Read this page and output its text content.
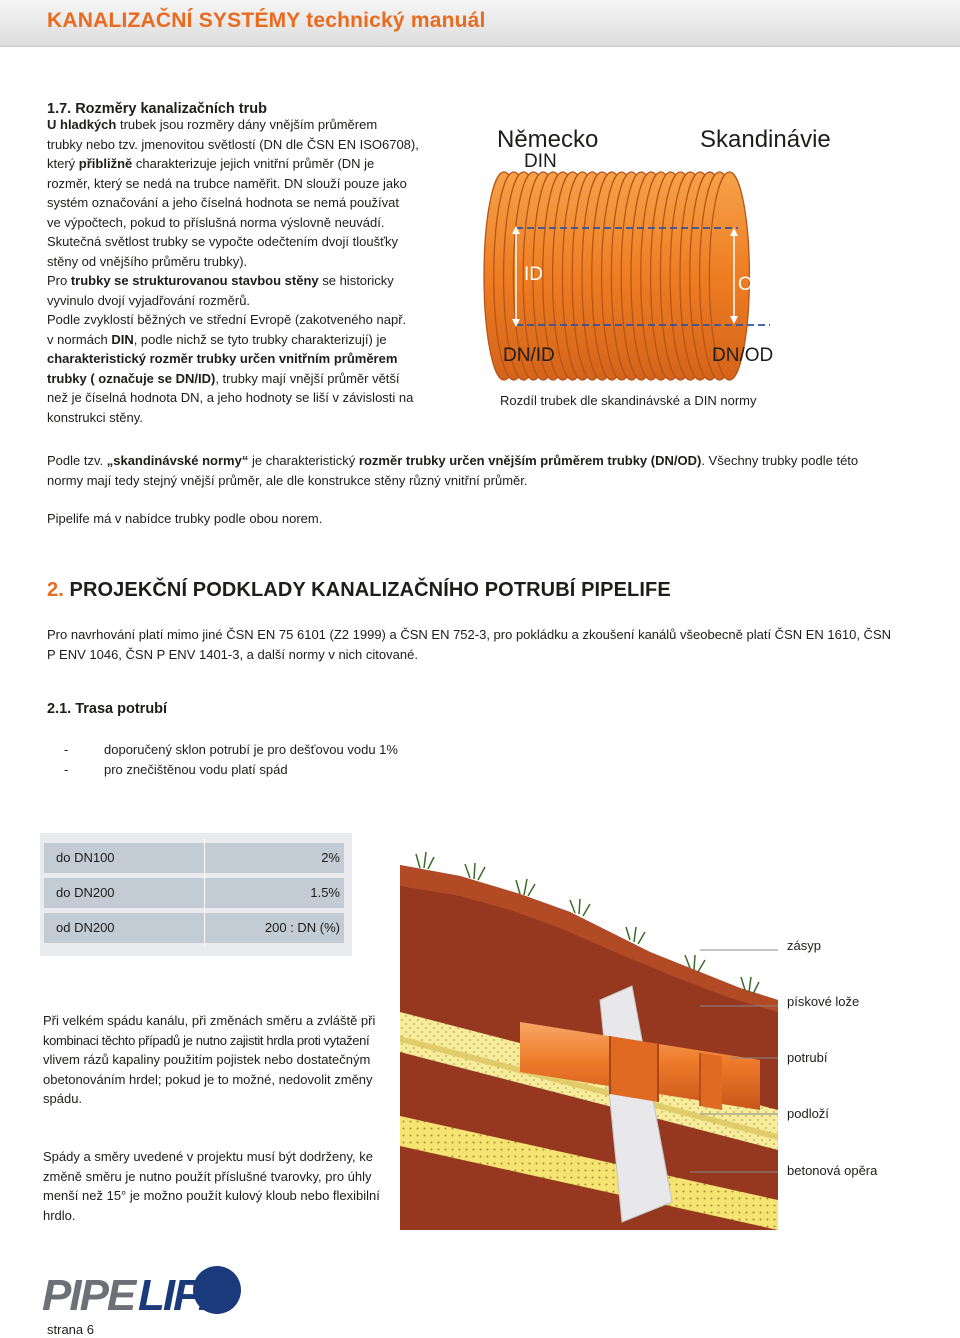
KANALIZAČNÍ SYSTÉMY technický manuál
1.7. Rozměry kanalizačních trub
U hladkých trubek jsou rozměry dány vnějším průměrem
trubky nebo tzv. jmenovitou světlostí (DN dle ČSN EN ISO6708),
který přibližně charakterizuje jejich vnitřní průměr (DN je
rozměr, který se nedá na trubce naměřit. DN slouží pouze jako
systém označování a jeho číselná hodnota se nemá používat
ve výpočtech, pokud to příslušná norma výslovně neuvádí.
Skutečná světlost trubky se vypočte odečtením dvojí tloušťky
stěny od vnějšího průměru trubky).
Pro trubky se strukturovanou stavbou stěny se historicky
vyvinulo dvojí vyjadřování rozměrů.
Podle zvyklostí běžných ve střední Evropě (zakotveného např.
v normách DIN, podle nichž se tyto trubky charakterizují) je
charakteristický rozměr trubky určen vnitřním průměrem
trubky ( označuje se DN/ID), trubky mají vnější průměr větší
než je číselná hodnota DN, a jeho hodnoty se liší v závislosti na
konstrukci stěny.
Podle tzv. „skandinávské normy“ je charakteristický rozměr trubky určen vnějším průměrem trubky (DN/OD). Všechny trubky podle této
normy mají tedy stejný vnější průměr, ale dle konstrukce stěny různý vnitřní průměr.
Pipelife má v nabídce trubky podle obou norem.
ID	OD
Německo
DIN
Skandinávie
DN/ID	DN/OD
Rozdíl trubek dle skandinávské a DIN normy
2. PROJEKČNÍ PODKLADY KANALIZAČNÍHO POTRUBÍ PIPELIFE
Pro navrhování platí mimo jiné ČSN EN 75 6101 (Z2 1999) a ČSN EN 752-3, pro pokládku a zkoušení kanálů všeobecně platí ČSN EN 1610, ČSN
P ENV 1046, ČSN P ENV 1401-3, a další normy v nich citované.
2.1. Trasa potrubí
-	doporučený sklon potrubí je pro dešťovou vodu 1%
-	pro znečištěnou vodu platí spád
do DN100	2%
do DN200	1.5%
od DN200	200 : DN (%)
zásyp
pískové lože
potrubí
podloží
betonová opěra
Při velkém spádu kanálu, při změnách směru a zvláště při
kombinaci těchto případů je nutno zajistit hrdla proti vytažení
vlivem rázů kapaliny použitím pojistek nebo dostatečným
obetonováním hrdel; pokud je to možné, nedovolit změny
spádu.
Spády a směry uvedené v projektu musí být dodrženy, ke
změně směru je nutno použít příslušné tvarovky, pro úhly
menší než 15° je možno použít kulový kloub nebo flexibilní
hrdlo.
PIPE LIFE
strana 6
